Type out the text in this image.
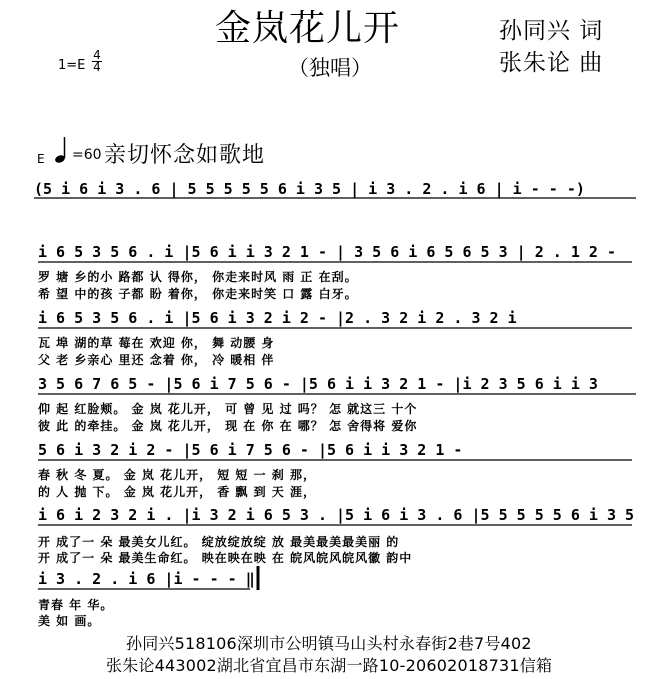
金岚花儿开
（独唱）
孙同兴 词
张朱论 曲
1=E
4
4
E =60 亲切怀念如歌地
(5 i 6 i 3 . 6 | 5 5 5 5 5 6 i 3 5 | i 3 . 2 . i 6 | i - - -)
i 6 5 3 5 6 . i |5 6 i i 3 2 1 - | 3 5 6 i 6 5 6 5 3 | 2 . 1 2 -
罗 塘 乡的小 路都 认 得你， 你走来时风 雨 正 在刮。
希 望 中的孩 子都 盼 着你， 你走来时笑 口 露 白牙。
i 6 5 3 5 6 . i |5 6 i 3 2 i 2 - |2 . 3 2 i 2 . 3 2 i
瓦 埠 湖的草 莓在 欢迎 你， 舞 动腰 身
父 老 乡亲心 里还 念着 你， 冷 暖相 伴
3 5 6 7 6 5 - |5 6 i 7 5 6 - |5 6 i i 3 2 1 - |i 2 3 5 6 i i 3
仰 起 红脸颊。 金 岚 花儿开， 可 曾 见 过 吗？ 怎 就这三 十个
彼 此 的牵挂。 金 岚 花儿开， 现 在 你 在 哪？ 怎 舍得将 爱你
5 6 i 3 2 i 2 - |5 6 i 7 5 6 - |5 6 i i 3 2 1 -
春 秋 冬 夏。 金 岚 花儿开， 短 短 一 刹 那，
的 人 抛 下。 金 岚 花儿开， 香 飘 到 天 涯，
i 6 i 2 3 2 i . |i 3 2 i 6 5 3 . |5 i 6 i 3 . 6 |5 5 5 5 5 6 i 3 5
开 成了一 朵 最美女儿红。 绽放绽放绽 放 最美最美最美丽 的
开 成了一 朵 最美生命红。 映在映在映 在 皖风皖风皖风徽 韵中
i 3 . 2 . i 6 |i - - - ‖
青春 年 华。
美 如 画。
孙同兴518106深圳市公明镇马山头村永春街2巷7号402
张朱论443002湖北省宜昌市东湖一路10-20602018731信箱
